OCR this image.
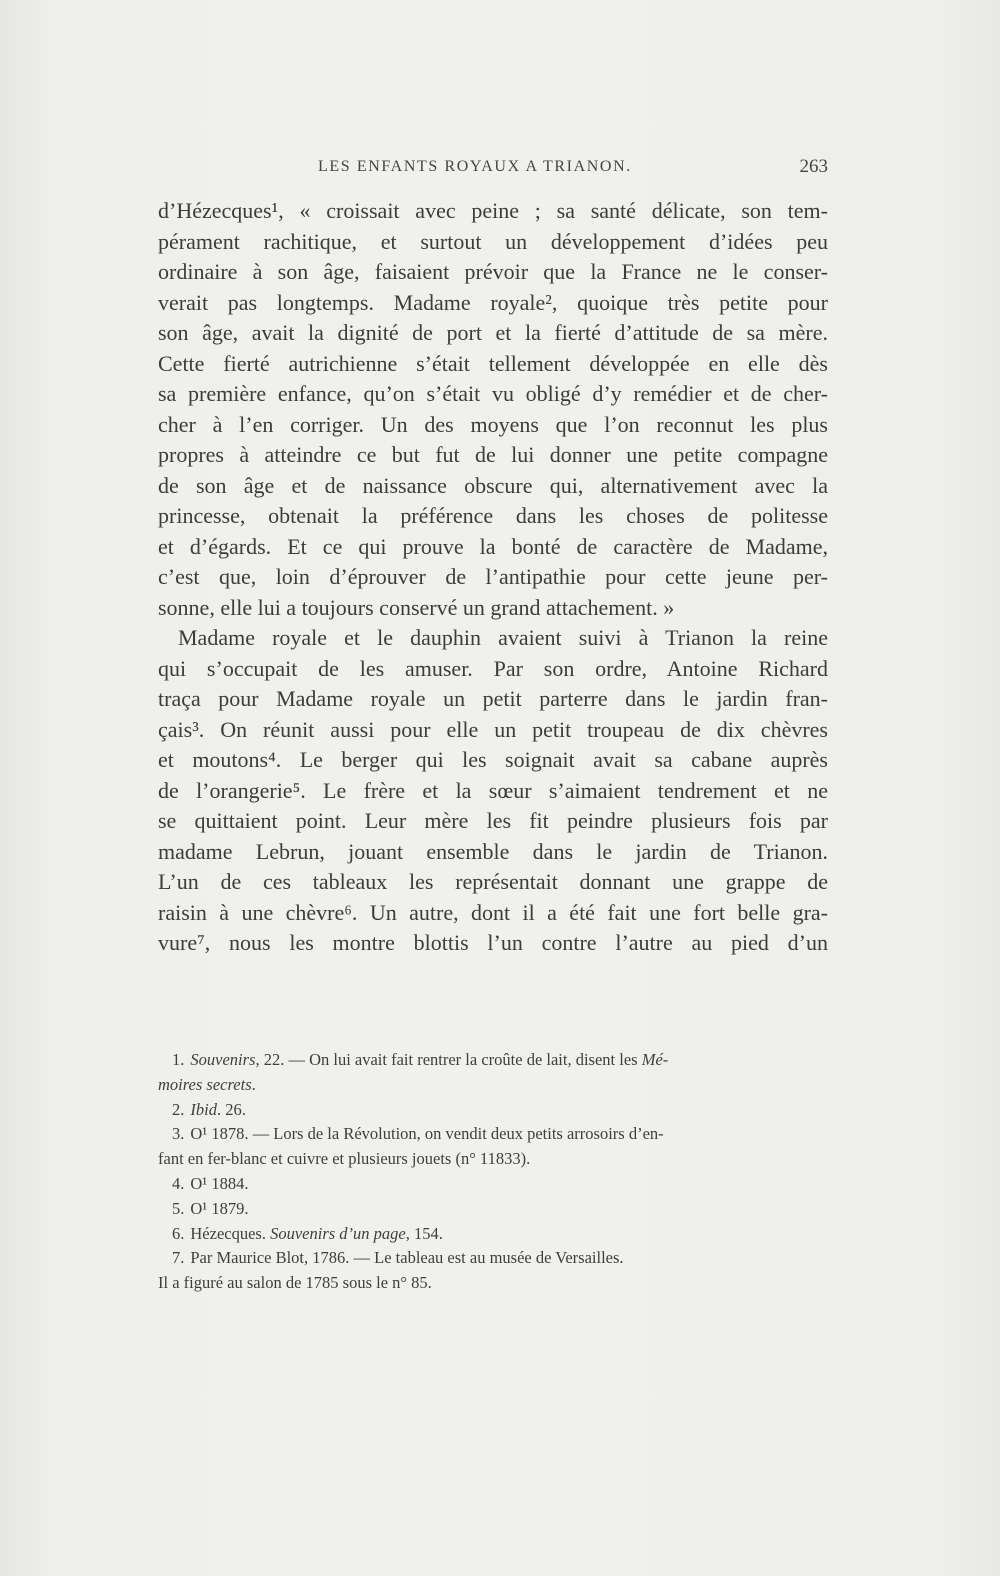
LES ENFANTS ROYAUX A TRIANON.	263
d’Hézecques¹, « croissait avec peine ; sa santé délicate, son tem-
pérament rachitique, et surtout un développement d’idées peu
ordinaire à son âge, faisaient prévoir que la France ne le conser-
verait pas longtemps. Madame royale², quoique très petite pour
son âge, avait la dignité de port et la fierté d’attitude de sa mère.
Cette fierté autrichienne s’était tellement développée en elle dès
sa première enfance, qu’on s’était vu obligé d’y remédier et de cher-
cher à l’en corriger. Un des moyens que l’on reconnut les plus
propres à atteindre ce but fut de lui donner une petite compagne
de son âge et de naissance obscure qui, alternativement avec la
princesse, obtenait la préférence dans les choses de politesse
et d’égards. Et ce qui prouve la bonté de caractère de Madame,
c’est que, loin d’éprouver de l’antipathie pour cette jeune per-
sonne, elle lui a toujours conservé un grand attachement. »
Madame royale et le dauphin avaient suivi à Trianon la reine
qui s’occupait de les amuser. Par son ordre, Antoine Richard
traça pour Madame royale un petit parterre dans le jardin fran-
çais³. On réunit aussi pour elle un petit troupeau de dix chèvres
et moutons⁴. Le berger qui les soignait avait sa cabane auprès
de l’orangerie⁵. Le frère et la sœur s’aimaient tendrement et ne
se quittaient point. Leur mère les fit peindre plusieurs fois par
madame Lebrun, jouant ensemble dans le jardin de Trianon.
L’un de ces tableaux les représentait donnant une grappe de
raisin à une chèvre⁶. Un autre, dont il a été fait une fort belle gra-
vure⁷, nous les montre blottis l’un contre l’autre au pied d’un
1. Souvenirs, 22. — On lui avait fait rentrer la croûte de lait, disent les Mé-
moires secrets.
2. Ibid. 26.
3. O¹ 1878. — Lors de la Révolution, on vendit deux petits arrosoirs d’en-
fant en fer-blanc et cuivre et plusieurs jouets (n° 11833).
4. O¹ 1884.
5. O¹ 1879.
6. Hézecques. Souvenirs d’un page, 154.
7. Par Maurice Blot, 1786. — Le tableau est au musée de Versailles.
Il a figuré au salon de 1785 sous le n° 85.
